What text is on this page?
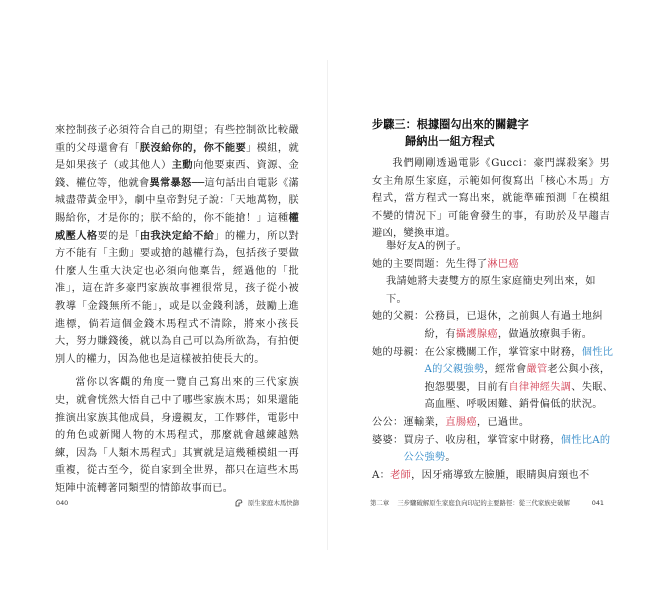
來控制孩子必須符合自己的期望；有些控制欲比較嚴重的父母還會有「朕沒給你的，你不能要」模組，就是如果孩子（或其他人）主動向他要東西、資源、金錢、權位等，他就會異常暴怒──這句話出自電影《滿城盡帶黃金甲》，劇中皇帝對兒子說：「天地萬物，朕賜給你，才是你的；朕不給的，你不能搶！」這種權威壓人格要的是「由我決定給不給」的權力，所以對方不能有「主動」要或搶的越權行為，包括孩子要做什麼人生重大決定也必須向他稟告，經過他的「批准」，這在許多豪門家族故事裡很常見，孩子從小被教導「金錢無所不能」，或是以金錢利誘，鼓勵上進進標，倘若這個金錢木馬程式不清除，將來小孩長大，努力賺錢後，就以為自己可以為所欲為，有拍便別人的權力，因為他也是這樣被拍使長大的。

當你以客觀的角度一覽自己寫出來的三代家族史，就會恍然大悟自己中了哪些家族木馬；如果還能推演出家族其他成員，身邊親友，工作夥伴，電影中的角色或新聞人物的木馬程式，那麼就會越練越熟練，因為「人類木馬程式」其實就是這幾種模組一再重複，從古至今，從自家到全世界，都只在這些木馬矩陣中流轉著同類型的情節故事而已。

040	原生家庭木馬快篩
步驟三：根據圈勾出來的關鍵字
歸納出一組方程式

我們剛剛透過電影《Gucci：豪門謀殺案》男女主角原生家庭，示範如何復寫出「核心木馬」方程式，當方程式一寫出來，就能準確預測「在模組不變的情況下」可能會發生的事，有助於及早趨吉避凶，變換車道。

第二章 三步驟破解原生家庭負向印記的主要路徑：從三代家族史破解	041
舉好友A的例子。
她的主要問題： 先生得了淋巴癌
我請她將夫妻雙方的原生家庭簡史列出來，如下。
她的父親： 公務員，已退休，之前與人有過土地糾紛，有攝護腺癌，做過放療與手術。
她的母親： 在公家機關工作，掌管家中財務，個性比A的父親強勢，經常會嚴管老公與小孩，抱怨嬰嬰，目前有自律神經失調、失眠、高血壓、呼吸困難、銷骨偏低的狀況。
公公： 運輸業，直腸癌，已過世。
婆婆： 買房子、收房租，掌管家中財務，個性比A的公公強勢。
A： 老師，因牙痛導致左臉腫，眼睛與肩頸也不
